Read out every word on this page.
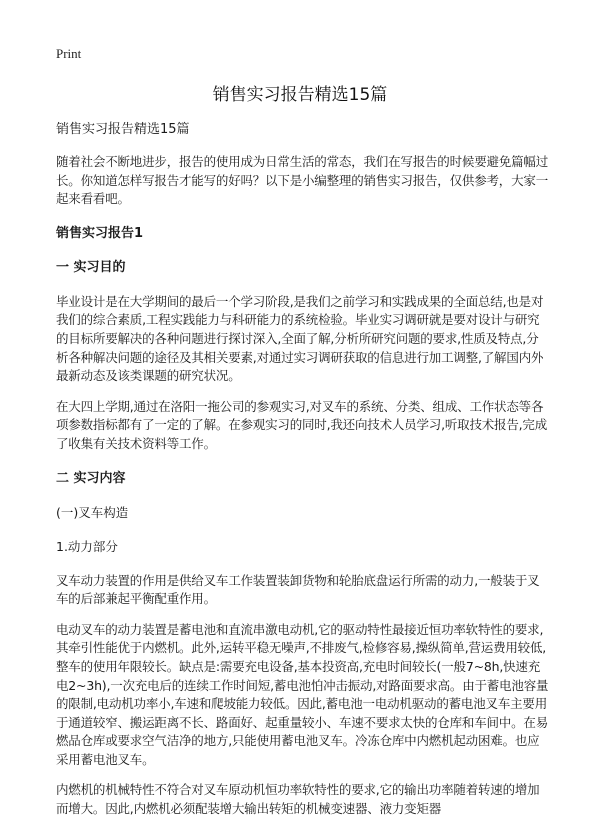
Print
销售实习报告精选15篇
销售实习报告精选15篇

随着社会不断地进步，报告的使用成为日常生活的常态，我们在写报告的时候要避免篇幅过长。你知道怎样写报告才能写的好吗？以下是小编整理的销售实习报告，仅供参考，大家一起来看看吧。

销售实习报告1
一 实习目的

毕业设计是在大学期间的最后一个学习阶段,是我们之前学习和实践成果的全面总结,也是对我们的综合素质,工程实践能力与科研能力的系统检验。毕业实习调研就是要对设计与研究的目标所要解决的各种问题进行探讨深入,全面了解,分析所研究问题的要求,性质及特点,分析各种解决问题的途径及其相关要素,对通过实习调研获取的信息进行加工调整,了解国内外最新动态及该类课题的研究状况。

在大四上学期,通过在洛阳一拖公司的参观实习,对叉车的系统、分类、组成、工作状态等各项参数指标都有了一定的了解。在参观实习的同时,我还向技术人员学习,听取技术报告,完成了收集有关技术资料等工作。

二 实习内容
(一)叉车构造
1.动力部分

叉车动力装置的作用是供给叉车工作装置装卸货物和轮胎底盘运行所需的动力,一般装于叉车的后部兼起平衡配重作用。

电动叉车的动力装置是蓄电池和直流串激电动机,它的驱动特性最接近恒功率软特性的要求,其牵引性能优于内燃机。此外,运转平稳无噪声,不排废气,检修容易,操纵简单,营运费用较低,整车的使用年限较长。缺点是:需要充电设备,基本投资高,充电时间较长(一般7~8h,快速充电2~3h),一次充电后的连续工作时间短,蓄电池怕冲击振动,对路面要求高。由于蓄电池容量的限制,电动机功率小,车速和爬坡能力较低。因此,蓄电池一电动机驱动的蓄电池叉车主要用于通道较窄、搬运距离不长、路面好、起重量较小、车速不要求太快的仓库和车间中。在易燃品仓库或要求空气洁净的地方,只能使用蓄电池叉车。冷冻仓库中内燃机起动困难。也应采用蓄电池叉车。

内燃机的机械特性不符合对叉车原动机恒功率软特性的要求,它的输出功率随着转速的增加而增大。因此,内燃机必须配装增大输出转矩的机械变速器、液力变矩器
